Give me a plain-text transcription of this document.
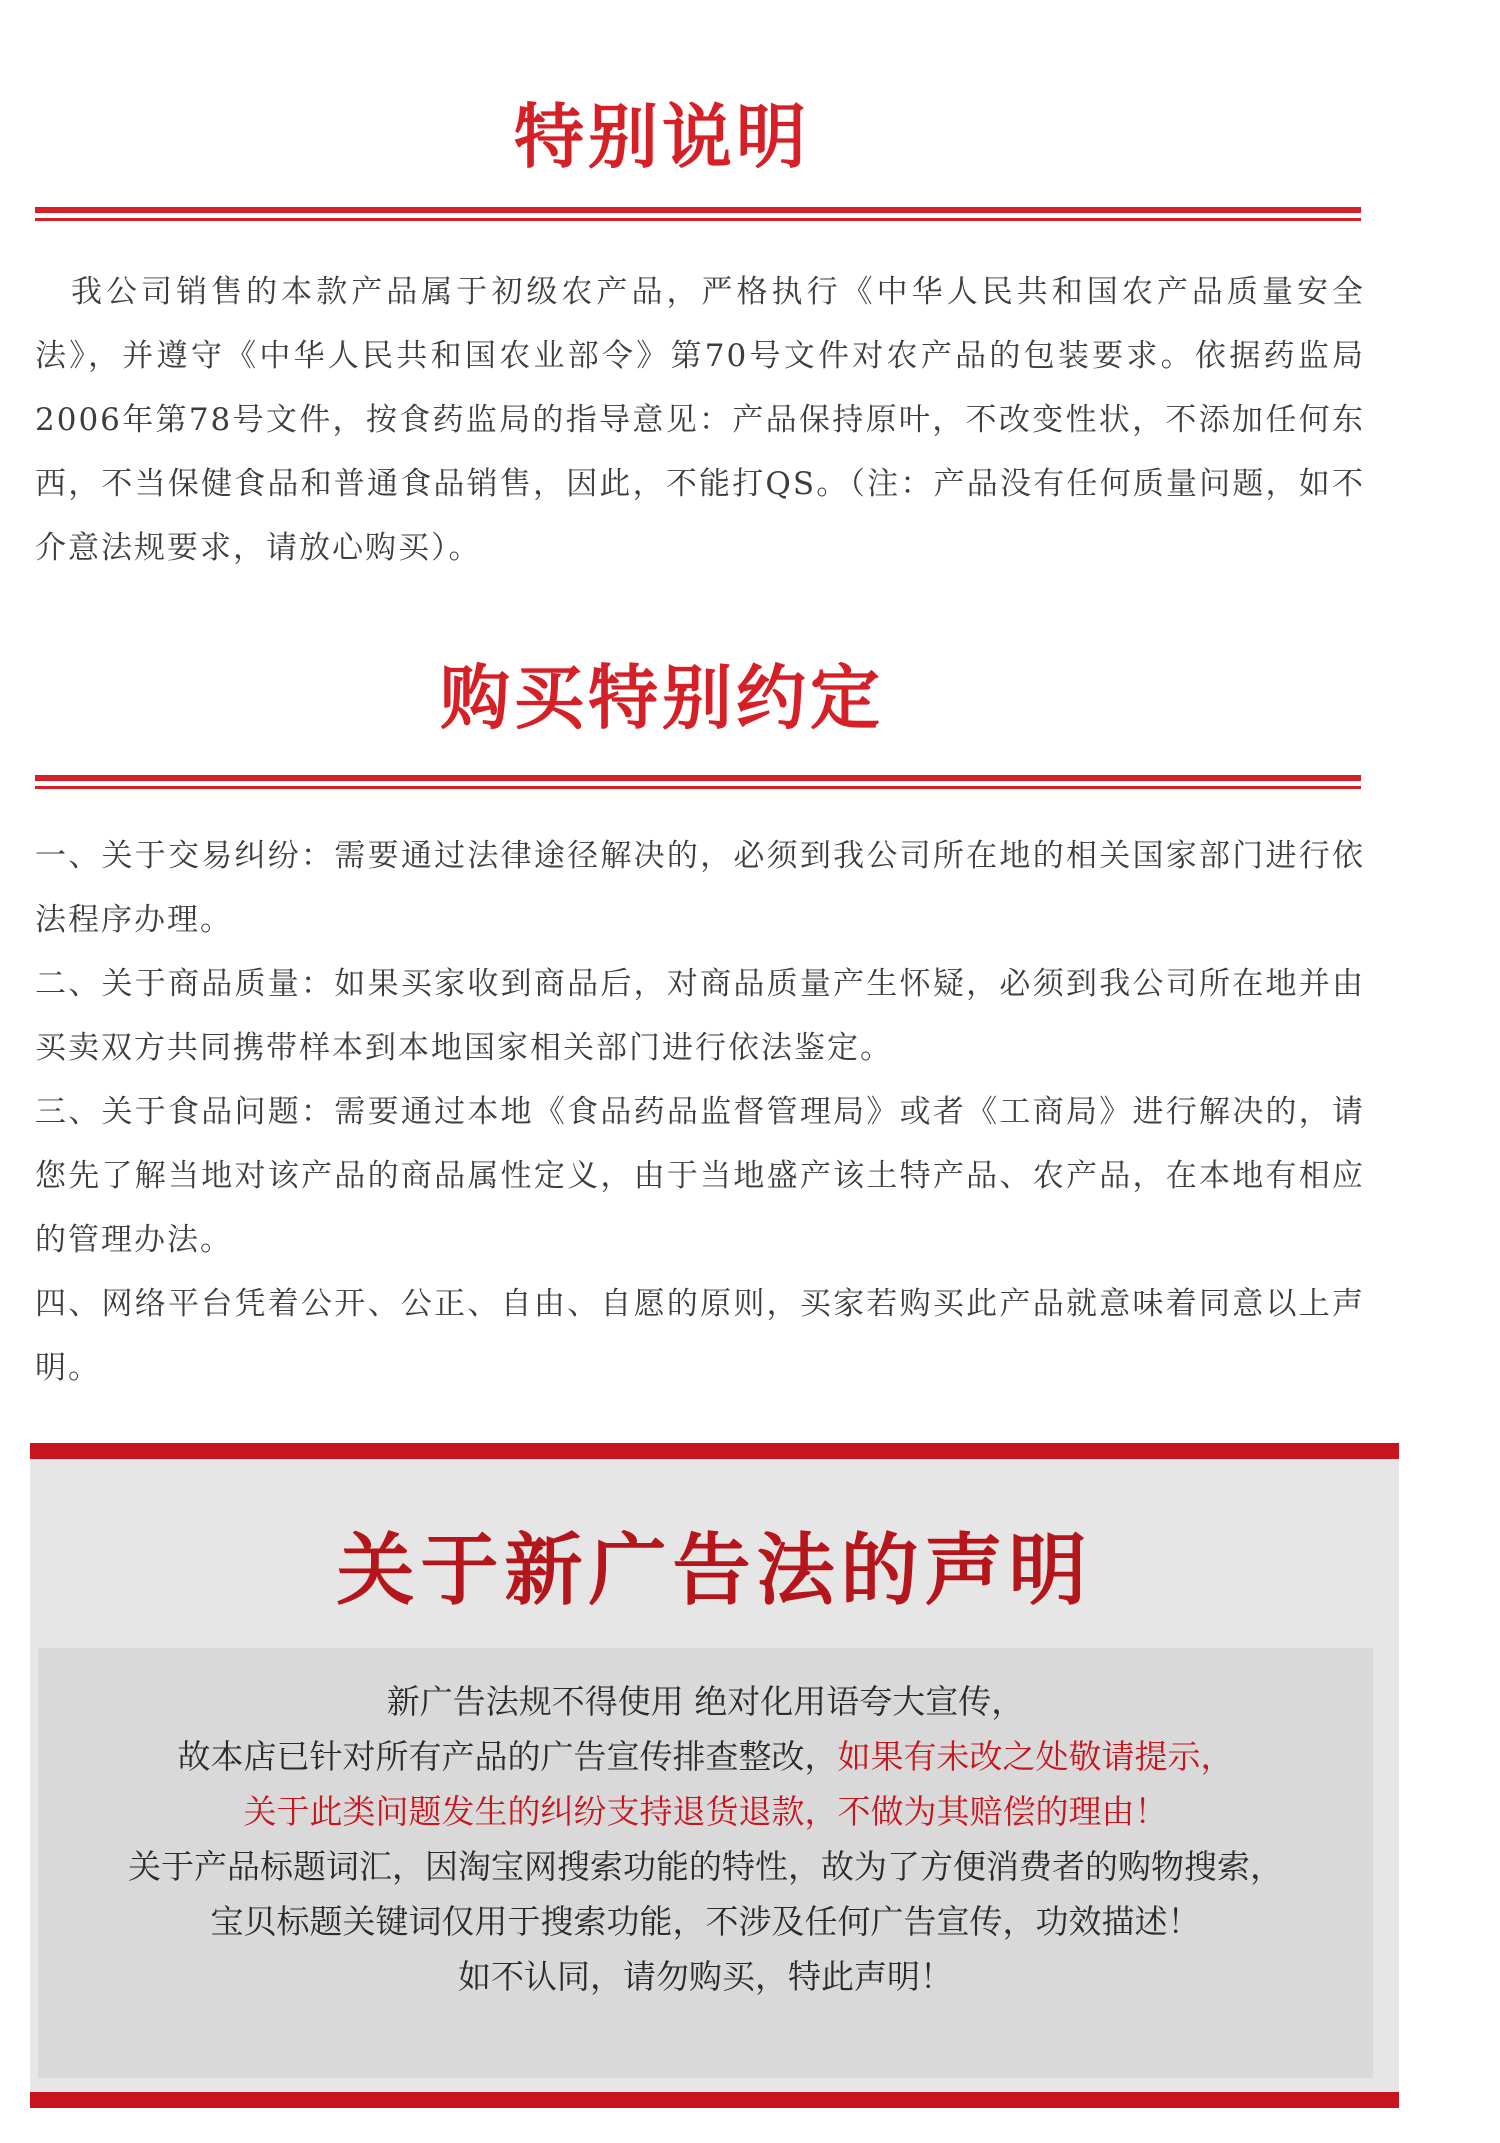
特别说明

我公司销售的本款产品属于初级农产品，严格执行《中华人民共和国农产品质量安全法》，并遵守《中华人民共和国农业部令》第70号文件对农产品的包装要求。依据药监局2006年第78号文件，按食药监局的指导意见：产品保持原叶，不改变性状，不添加任何东西，不当保健食品和普通食品销售，因此，不能打QS。（注：产品没有任何质量问题，如不介意法规要求，请放心购买）。

购买特别约定
一、关于交易纠纷：需要通过法律途径解决的，必须到我公司所在地的相关国家部门进行依法程序办理。
二、关于商品质量：如果买家收到商品后，对商品质量产生怀疑，必须到我公司所在地并由买卖双方共同携带样本到本地国家相关部门进行依法鉴定。
三、关于食品问题：需要通过本地《食品药品监督管理局》或者《工商局》进行解决的，请您先了解当地对该产品的商品属性定义，由于当地盛产该土特产品、农产品，在本地有相应的管理办法。
四、网络平台凭着公开、公正、自由、自愿的原则，买家若购买此产品就意味着同意以上声明。
关于新广告法的声明
新广告法规不得使用 绝对化用语夸大宣传，
故本店已针对所有产品的广告宣传排查整改，如果有未改之处敬请提示，
关于此类问题发生的纠纷支持退货退款，不做为其赔偿的理由！
关于产品标题词汇，因淘宝网搜索功能的特性，故为了方便消费者的购物搜索，
宝贝标题关键词仅用于搜索功能，不涉及任何广告宣传，功效描述！
如不认同，请勿购买，特此声明！
